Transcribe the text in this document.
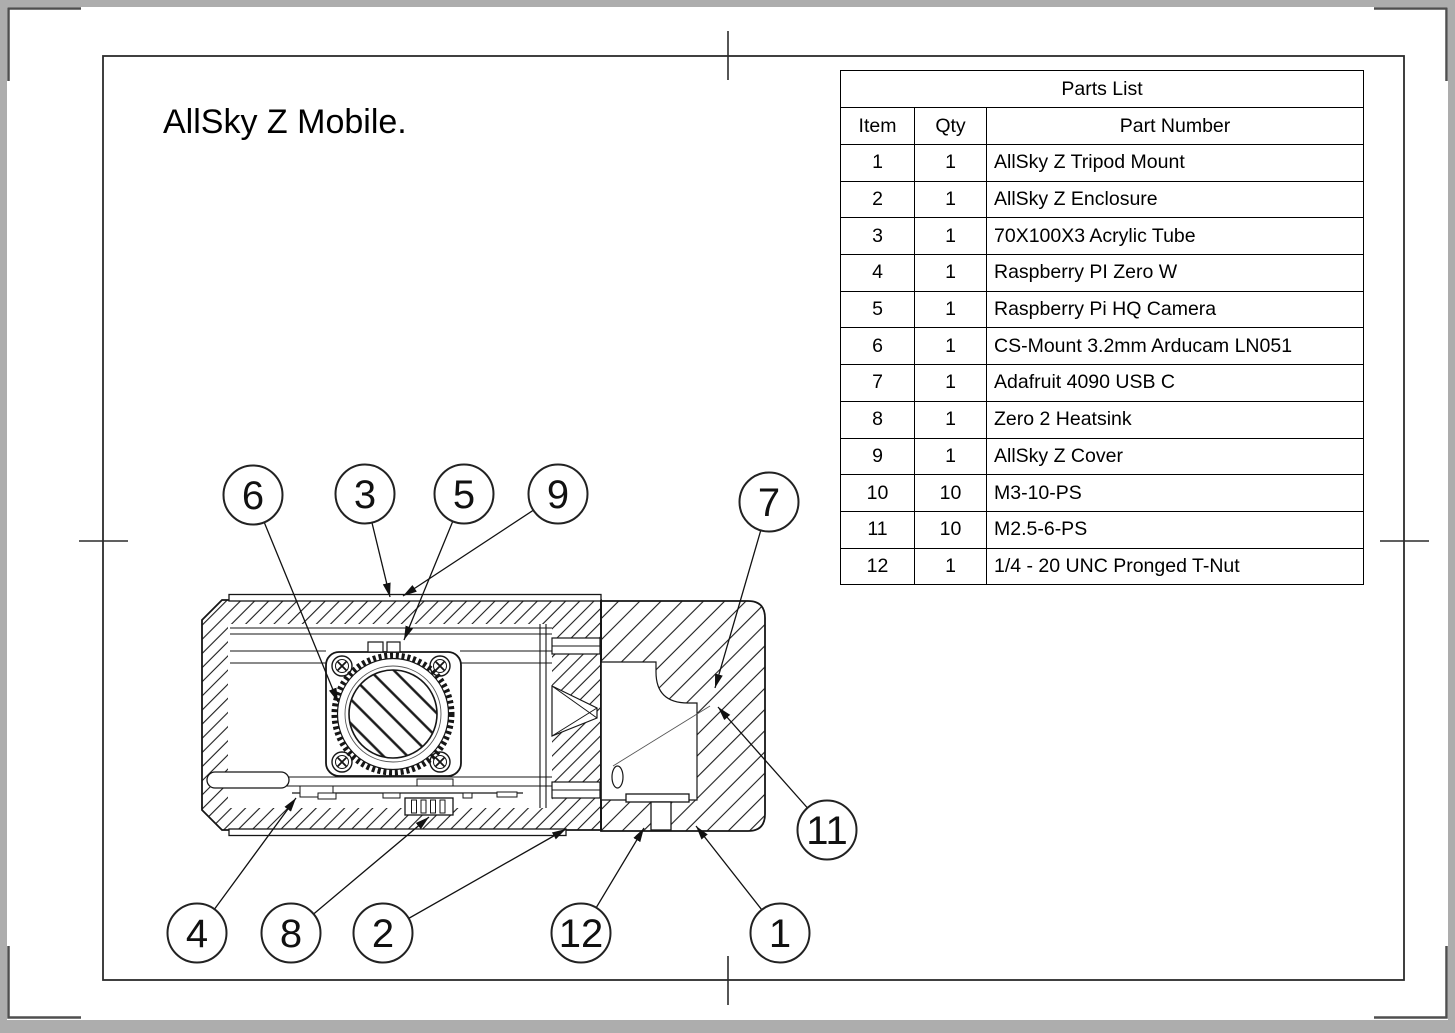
6 3 5 9	7
11
4 8 2	12	1
AllSky Z Mobile.
Parts List		
Item	Qty	Part Number
1	1	AllSky Z Tripod Mount
2	1	AllSky Z Enclosure
3	1	70X100X3 Acrylic Tube
4	1	Raspberry PI Zero W
5	1	Raspberry Pi HQ Camera
6	1	CS-Mount 3.2mm Arducam LN051
7	1	Adafruit 4090 USB C
8	1	Zero 2 Heatsink
9	1	AllSky Z Cover
10	10	M3-10-PS
11	10	M2.5-6-PS
12	1	1/4 - 20 UNC Pronged T-Nut
